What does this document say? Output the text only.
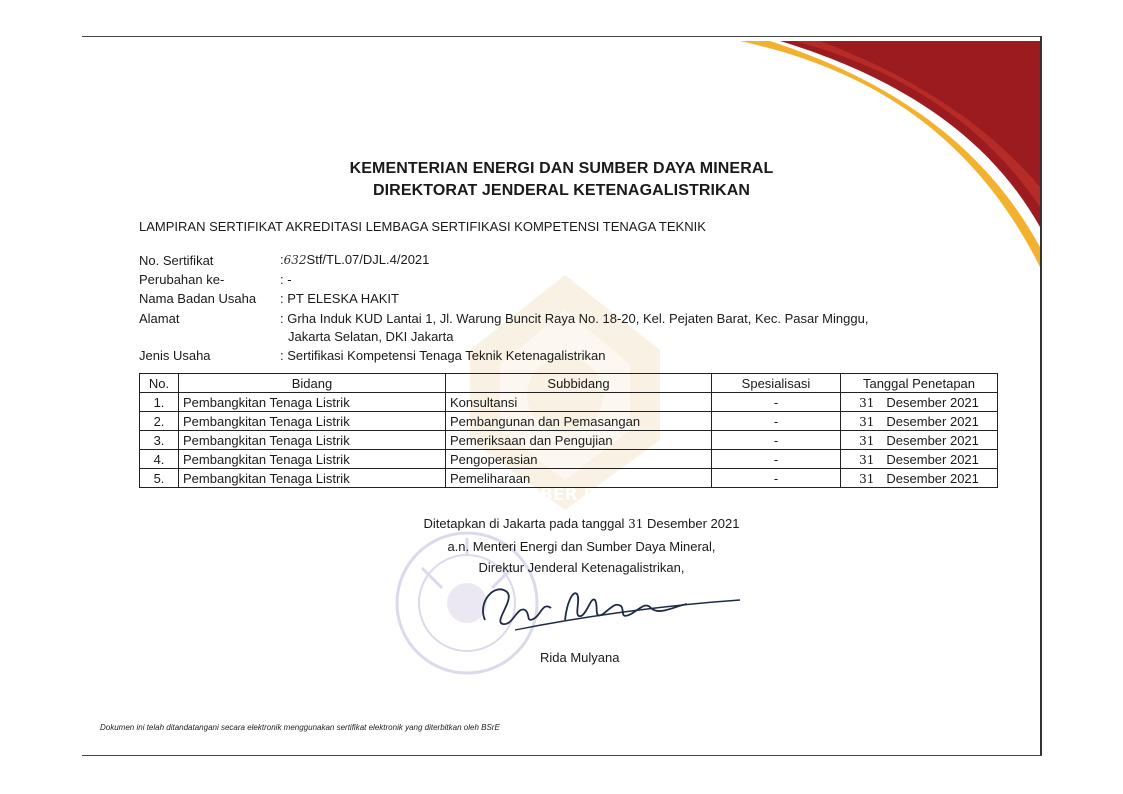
SUMBER DAYA
KEMENTERIAN ENERGI DAN SUMBER DAYA MINERAL
DIREKTORAT JENDERAL KETENAGALISTRIKAN
LAMPIRAN SERTIFIKAT AKREDITASI LEMBAGA SERTIFIKASI KOMPETENSI TENAGA TEKNIK
No. Sertifikat	:632Stf/TL.07/DJL.4/2021
Perubahan ke-	: -
Nama Badan Usaha : PT ELESKA HAKIT
Alamat	: Grha Induk KUD Lantai 1, Jl. Warung Buncit Raya No. 18-20, Kel. Pejaten Barat, Kec. Pasar Minggu,
Jakarta Selatan, DKI Jakarta
Jenis Usaha	: Sertifikasi Kompetensi Tenaga Teknik Ketenagalistrikan
No.	Bidang	Subbidang	Spesialisasi	Tanggal Penetapan
1.	Pembangkitan Tenaga Listrik	Konsultansi	-	31 Desember 2021
2.	Pembangkitan Tenaga Listrik	Pembangunan dan Pemasangan	-	31 Desember 2021
3.	Pembangkitan Tenaga Listrik	Pemeriksaan dan Pengujian	-	31 Desember 2021
4.	Pembangkitan Tenaga Listrik	Pengoperasian	-	31 Desember 2021
5.	Pembangkitan Tenaga Listrik	Pemeliharaan	-	31 Desember 2021
Ditetapkan di Jakarta pada tanggal 31 Desember 2021
a.n. Menteri Energi dan Sumber Daya Mineral,
Direktur Jenderal Ketenagalistrikan,
Rida Mulyana
Dokumen ini telah ditandatangani secara elektronik menggunakan sertifikat elektronik yang diterbitkan oleh BSrE
